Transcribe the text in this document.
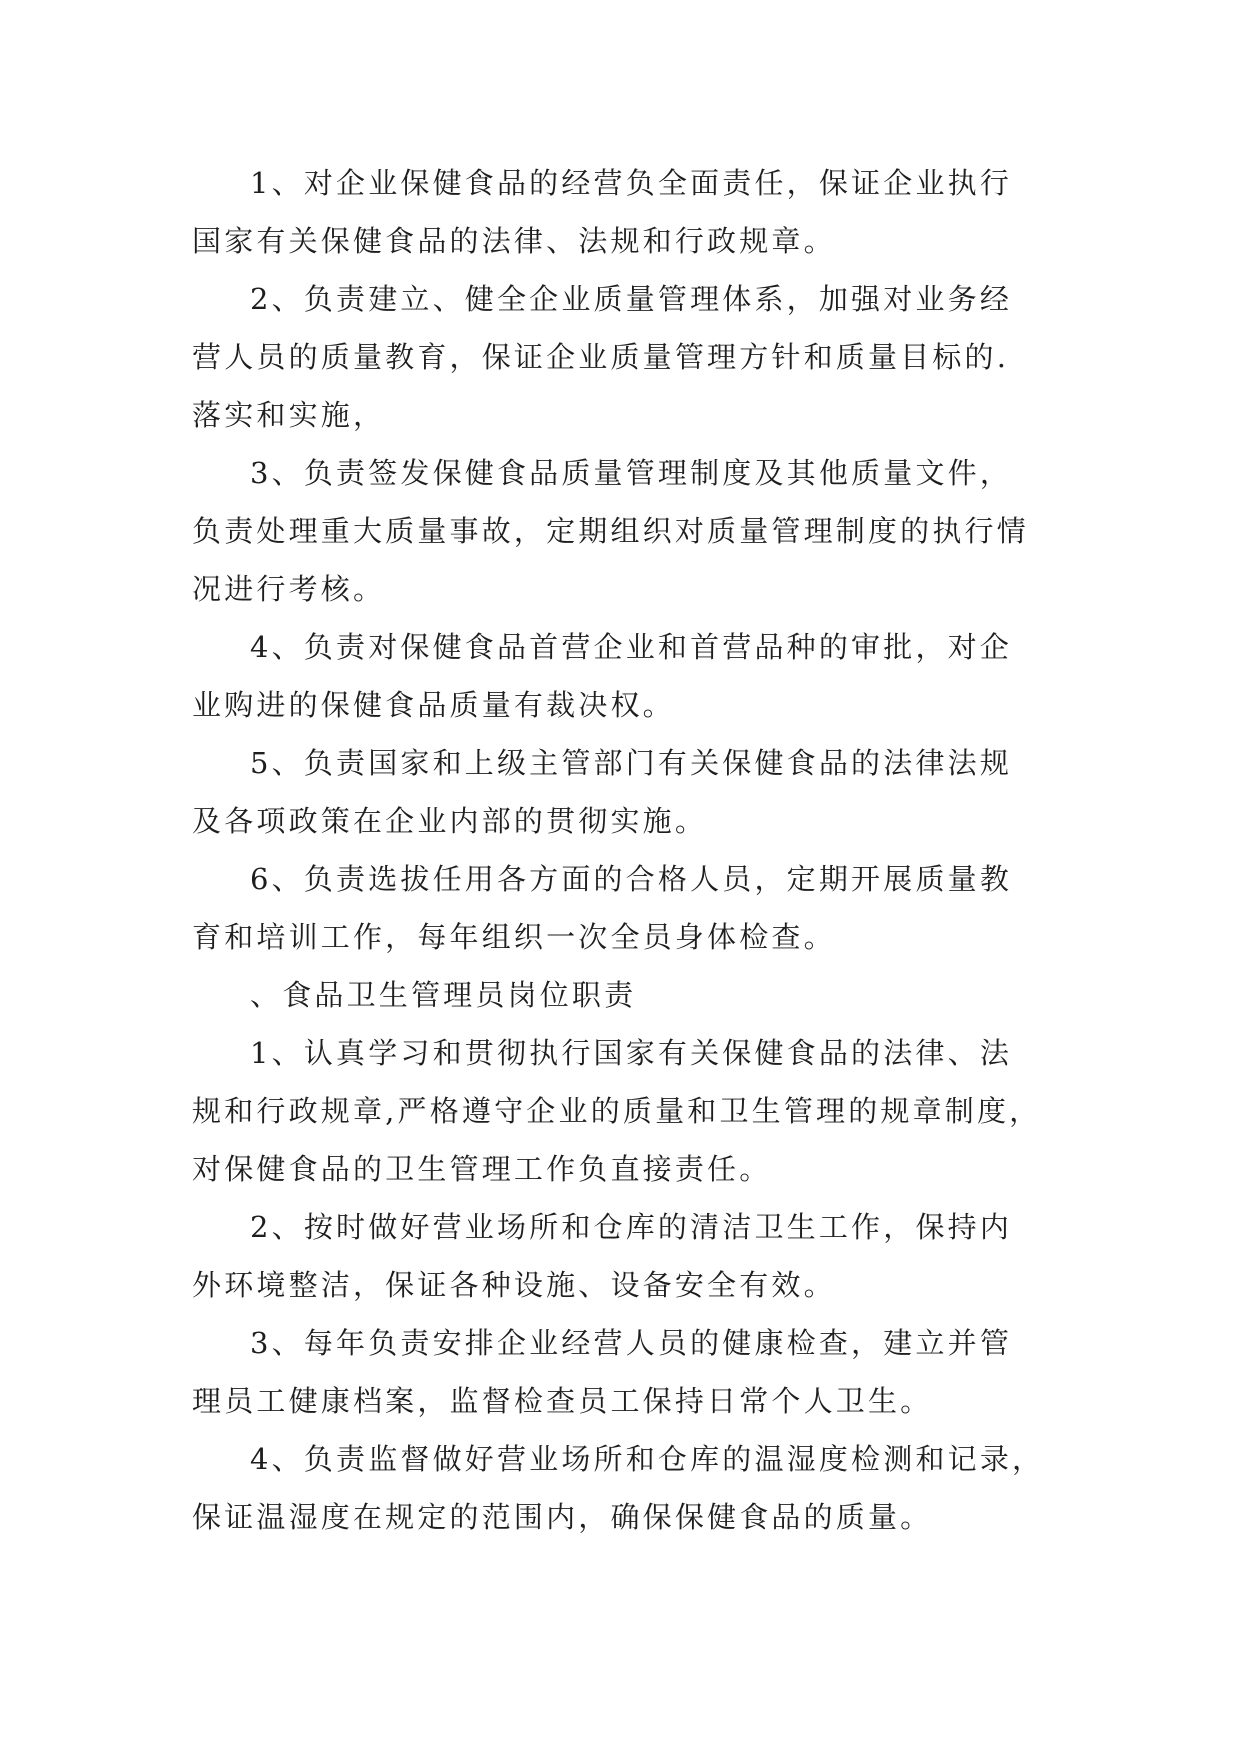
1、对企业保健食品的经营负全面责任，保证企业执行
国家有关保健食品的法律、法规和行政规章。
2、负责建立、健全企业质量管理体系，加强对业务经
营人员的质量教育，保证企业质量管理方针和质量目标的.
落实和实施，
3、负责签发保健食品质量管理制度及其他质量文件，
负责处理重大质量事故，定期组织对质量管理制度的执行情
况进行考核。
4、负责对保健食品首营企业和首营品种的审批，对企
业购进的保健食品质量有裁决权。
5、负责国家和上级主管部门有关保健食品的法律法规
及各项政策在企业内部的贯彻实施。
6、负责选拔任用各方面的合格人员，定期开展质量教
育和培训工作，每年组织一次全员身体检查。
、食品卫生管理员岗位职责
1、认真学习和贯彻执行国家有关保健食品的法律、法
规和行政规章,严格遵守企业的质量和卫生管理的规章制度，
对保健食品的卫生管理工作负直接责任。
2、按时做好营业场所和仓库的清洁卫生工作，保持内
外环境整洁，保证各种设施、设备安全有效。
3、每年负责安排企业经营人员的健康检查，建立并管
理员工健康档案，监督检查员工保持日常个人卫生。
4、负责监督做好营业场所和仓库的温湿度检测和记录，
保证温湿度在规定的范围内，确保保健食品的质量。
